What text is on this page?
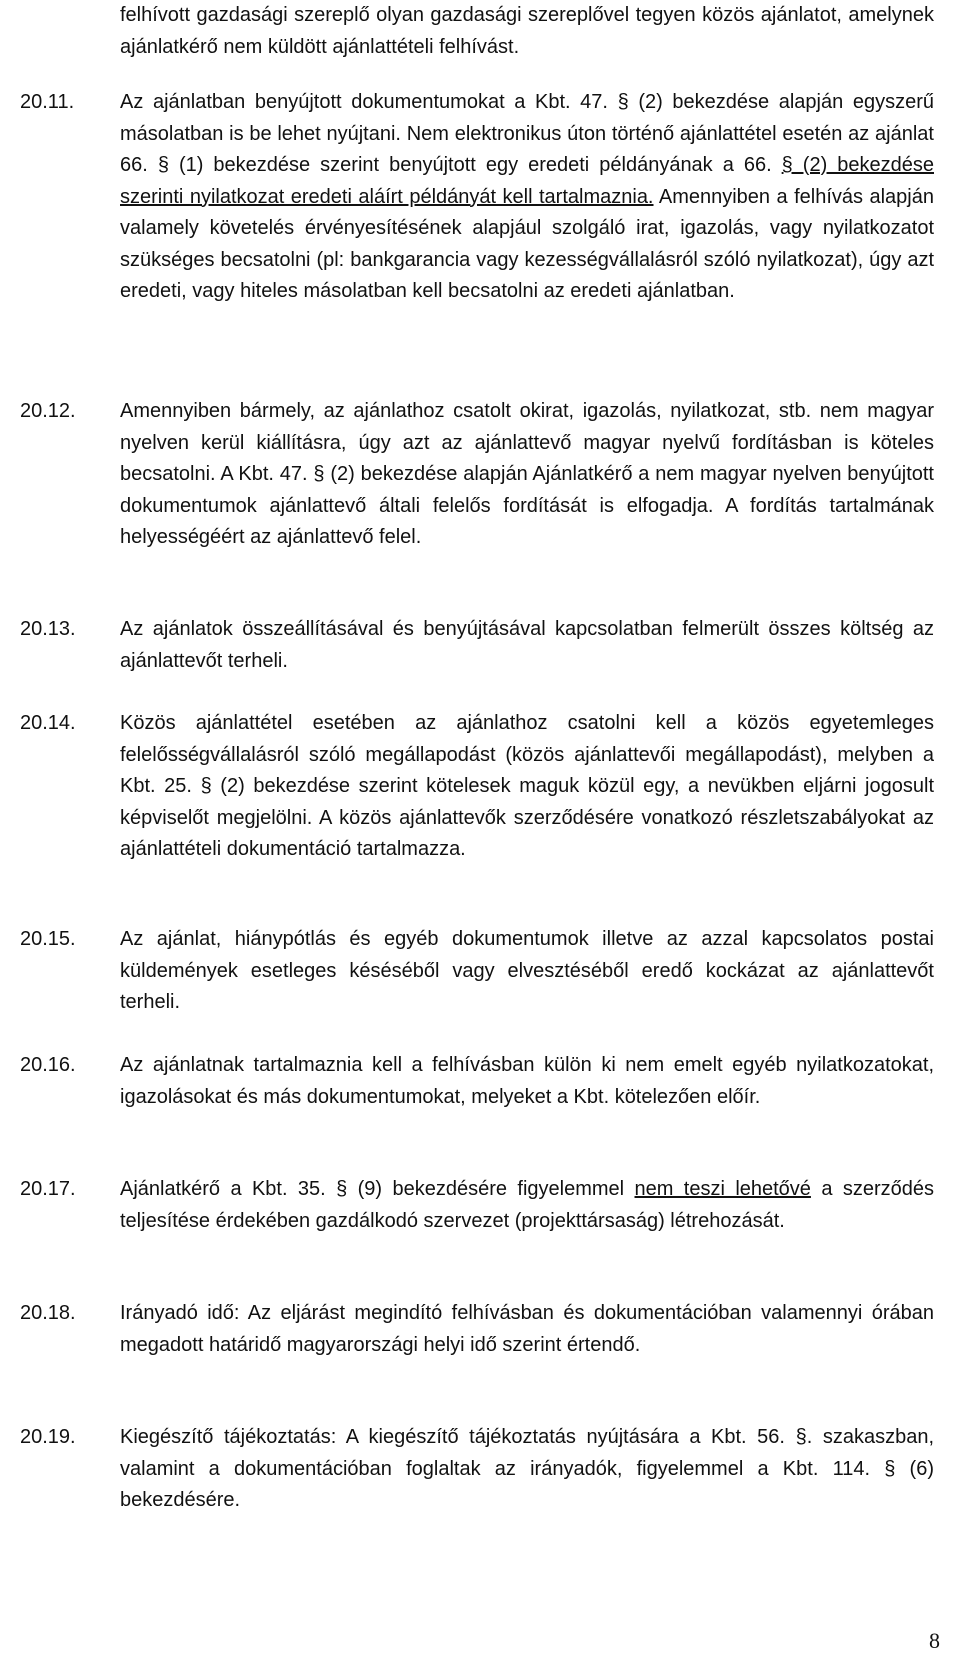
felhívott gazdasági szereplő olyan gazdasági szereplővel tegyen közös ajánlatot, amelynek ajánlatkérő nem küldött ajánlattételi felhívást.
20.11. Az ajánlatban benyújtott dokumentumokat a Kbt. 47. § (2) bekezdése alapján egyszerű másolatban is be lehet nyújtani. Nem elektronikus úton történő ajánlattétel esetén az ajánlat 66. § (1) bekezdése szerint benyújtott egy eredeti példányának a 66. § (2) bekezdése szerinti nyilatkozat eredeti aláírt példányát kell tartalmaznia. Amennyiben a felhívás alapján valamely követelés érvényesítésének alapjául szolgáló irat, igazolás, vagy nyilatkozatot szükséges becsatolni (pl: bankgarancia vagy kezességvállalásról szóló nyilatkozat), úgy azt eredeti, vagy hiteles másolatban kell becsatolni az eredeti ajánlatban.
20.12. Amennyiben bármely, az ajánlathoz csatolt okirat, igazolás, nyilatkozat, stb. nem magyar nyelven kerül kiállításra, úgy azt az ajánlattevő magyar nyelvű fordításban is köteles becsatolni. A Kbt. 47. § (2) bekezdése alapján Ajánlatkérő a nem magyar nyelven benyújtott dokumentumok ajánlattevő általi felelős fordítását is elfogadja. A fordítás tartalmának helyességéért az ajánlattevő felel.
20.13. Az ajánlatok összeállításával és benyújtásával kapcsolatban felmerült összes költség az ajánlattevőt terheli.
20.14. Közös ajánlattétel esetében az ajánlathoz csatolni kell a közös egyetemleges felelősségvállalásról szóló megállapodást (közös ajánlattevői megállapodást), melyben a Kbt. 25. § (2) bekezdése szerint kötelesek maguk közül egy, a nevükben eljárni jogosult képviselőt megjelölni. A közös ajánlattevők szerződésére vonatkozó részletszabályokat az ajánlattételi dokumentáció tartalmazza.
20.15. Az ajánlat, hiánypótlás és egyéb dokumentumok illetve az azzal kapcsolatos postai küldemények esetleges késéséből vagy elvesztéséből eredő kockázat az ajánlattevőt terheli.
20.16. Az ajánlatnak tartalmaznia kell a felhívásban külön ki nem emelt egyéb nyilatkozatokat, igazolásokat és más dokumentumokat, melyeket a Kbt. kötelezően előír.
20.17. Ajánlatkérő a Kbt. 35. § (9) bekezdésére figyelemmel nem teszi lehetővé a szerződés teljesítése érdekében gazdálkodó szervezet (projekttársaság) létrehozását.
20.18. Irányadó idő: Az eljárást megindító felhívásban és dokumentációban valamennyi órában megadott határidő magyarországi helyi idő szerint értendő.
20.19. Kiegészítő tájékoztatás: A kiegészítő tájékoztatás nyújtására a Kbt. 56. §. szakaszban, valamint a dokumentációban foglaltak az irányadók, figyelemmel a Kbt. 114. § (6) bekezdésére.
8
